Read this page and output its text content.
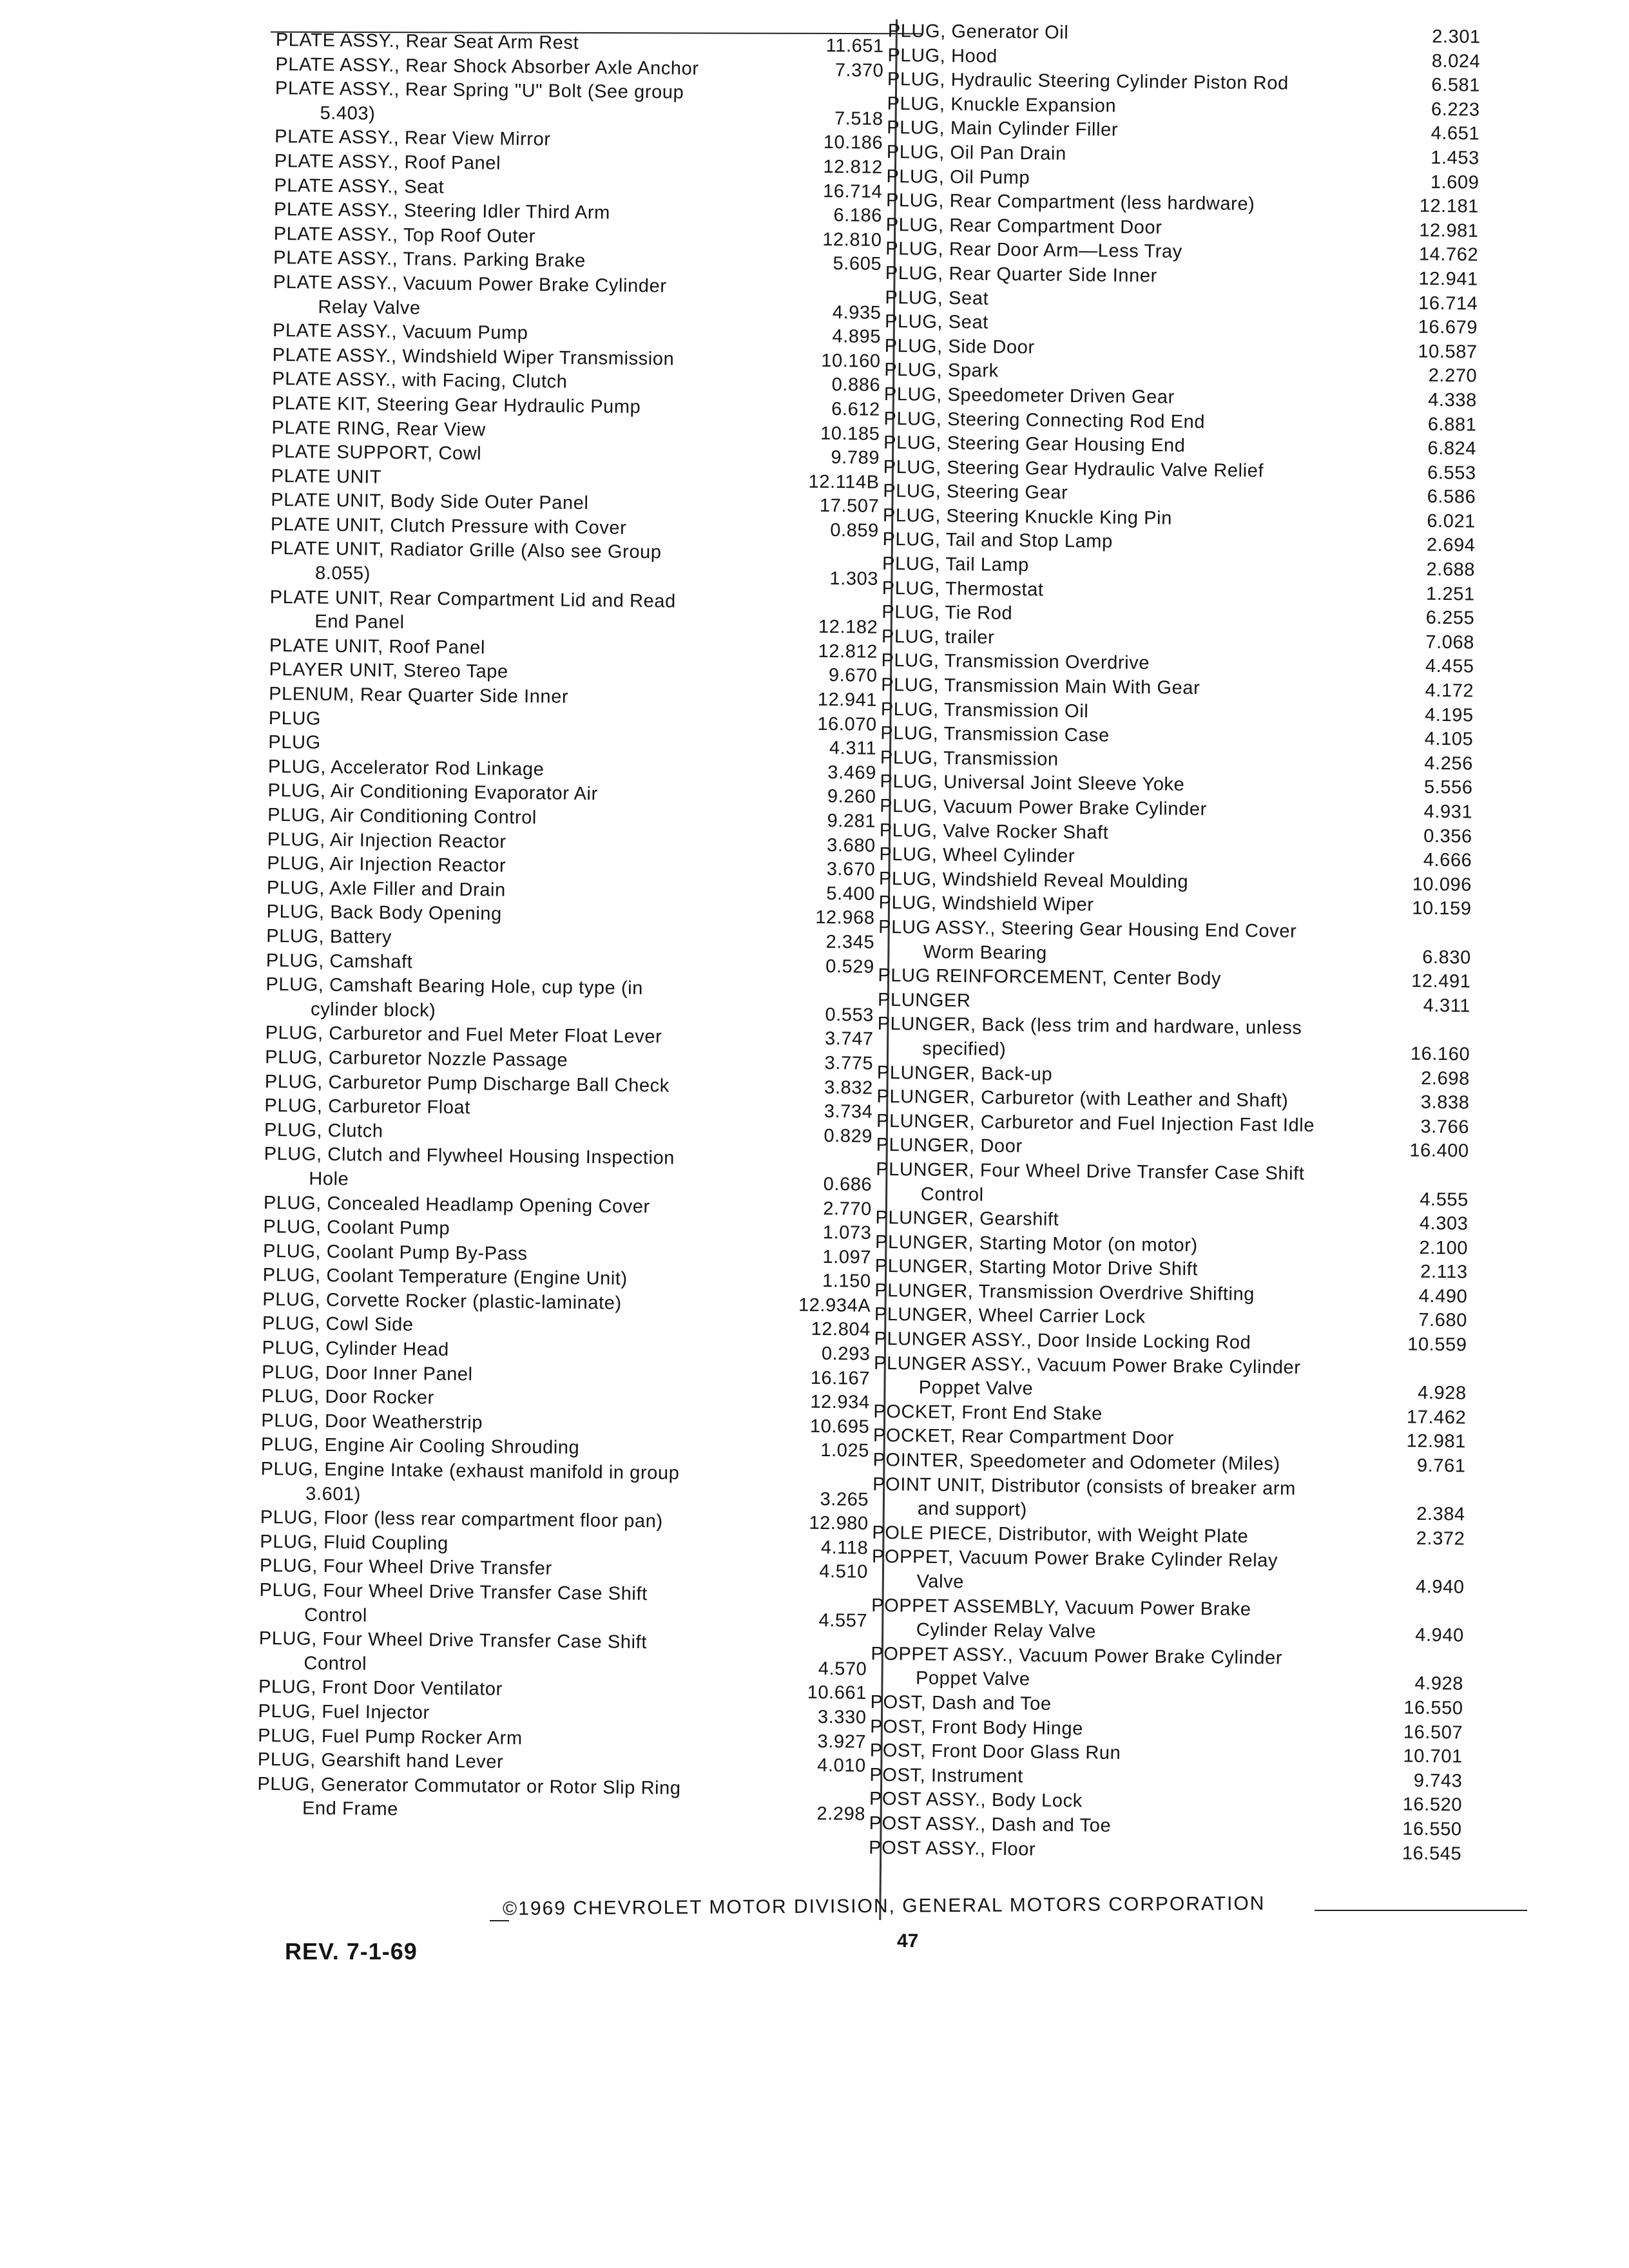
PLATE ASSY., Rear Seat Arm Rest	11.651
PLATE ASSY., Rear Shock Absorber Axle Anchor	7.370
PLATE ASSY., Rear Spring "U" Bolt (See group
5.403)	7.518
PLATE ASSY., Rear View Mirror	10.186
PLATE ASSY., Roof Panel	12.812
PLATE ASSY., Seat	16.714
PLATE ASSY., Steering Idler Third Arm	6.186
PLATE ASSY., Top Roof Outer	12.810
PLATE ASSY., Trans. Parking Brake	5.605
PLATE ASSY., Vacuum Power Brake Cylinder
Relay Valve	4.935
PLATE ASSY., Vacuum Pump	4.895
PLATE ASSY., Windshield Wiper Transmission	10.160
PLATE ASSY., with Facing, Clutch	0.886
PLATE KIT, Steering Gear Hydraulic Pump	6.612
PLATE RING, Rear View	10.185
PLATE SUPPORT, Cowl	9.789
PLATE UNIT	12.114B
PLATE UNIT, Body Side Outer Panel	17.507
PLATE UNIT, Clutch Pressure with Cover	0.859
PLATE UNIT, Radiator Grille (Also see Group
8.055)	1.303
PLATE UNIT, Rear Compartment Lid and Read
End Panel	12.182
PLATE UNIT, Roof Panel	12.812
PLAYER UNIT, Stereo Tape	9.670
PLENUM, Rear Quarter Side Inner	12.941
PLUG	16.070
PLUG	4.311
PLUG, Accelerator Rod Linkage	3.469
PLUG, Air Conditioning Evaporator Air	9.260
PLUG, Air Conditioning Control	9.281
PLUG, Air Injection Reactor	3.680
PLUG, Air Injection Reactor	3.670
PLUG, Axle Filler and Drain	5.400
PLUG, Back Body Opening	12.968
PLUG, Battery	2.345
PLUG, Camshaft	0.529
PLUG, Camshaft Bearing Hole, cup type (in
cylinder block)	0.553
PLUG, Carburetor and Fuel Meter Float Lever	3.747
PLUG, Carburetor Nozzle Passage	3.775
PLUG, Carburetor Pump Discharge Ball Check	3.832
PLUG, Carburetor Float	3.734
PLUG, Clutch	0.829
PLUG, Clutch and Flywheel Housing Inspection
Hole	0.686
PLUG, Concealed Headlamp Opening Cover	2.770
PLUG, Coolant Pump	1.073
PLUG, Coolant Pump By-Pass	1.097
PLUG, Coolant Temperature (Engine Unit)	1.150
PLUG, Corvette Rocker (plastic-laminate)	12.934A
PLUG, Cowl Side	12.804
PLUG, Cylinder Head	0.293
PLUG, Door Inner Panel	16.167
PLUG, Door Rocker	12.934
PLUG, Door Weatherstrip	10.695
PLUG, Engine Air Cooling Shrouding	1.025
PLUG, Engine Intake (exhaust manifold in group
3.601)	3.265
PLUG, Floor (less rear compartment floor pan)	12.980
PLUG, Fluid Coupling	4.118
PLUG, Four Wheel Drive Transfer	4.510
PLUG, Four Wheel Drive Transfer Case Shift
Control	4.557
PLUG, Four Wheel Drive Transfer Case Shift
Control	4.570
PLUG, Front Door Ventilator	10.661
PLUG, Fuel Injector	3.330
PLUG, Fuel Pump Rocker Arm	3.927
PLUG, Gearshift hand Lever	4.010
PLUG, Generator Commutator or Rotor Slip Ring
End Frame	2.298
PLUG, Generator Oil	2.301
PLUG, Hood	8.024
PLUG, Hydraulic Steering Cylinder Piston Rod	6.581
PLUG, Knuckle Expansion	6.223
PLUG, Main Cylinder Filler	4.651
PLUG, Oil Pan Drain	1.453
PLUG, Oil Pump	1.609
PLUG, Rear Compartment (less hardware)	12.181
PLUG, Rear Compartment Door	12.981
PLUG, Rear Door Arm—Less Tray	14.762
PLUG, Rear Quarter Side Inner	12.941
PLUG, Seat	16.714
PLUG, Seat	16.679
PLUG, Side Door	10.587
PLUG, Spark	2.270
PLUG, Speedometer Driven Gear	4.338
PLUG, Steering Connecting Rod End	6.881
PLUG, Steering Gear Housing End	6.824
PLUG, Steering Gear Hydraulic Valve Relief	6.553
PLUG, Steering Gear	6.586
PLUG, Steering Knuckle King Pin	6.021
PLUG, Tail and Stop Lamp	2.694
PLUG, Tail Lamp	2.688
PLUG, Thermostat	1.251
PLUG, Tie Rod	6.255
PLUG, trailer	7.068
PLUG, Transmission Overdrive	4.455
PLUG, Transmission Main With Gear	4.172
PLUG, Transmission Oil	4.195
PLUG, Transmission Case	4.105
PLUG, Transmission	4.256
PLUG, Universal Joint Sleeve Yoke	5.556
PLUG, Vacuum Power Brake Cylinder	4.931
PLUG, Valve Rocker Shaft	0.356
PLUG, Wheel Cylinder	4.666
PLUG, Windshield Reveal Moulding	10.096
PLUG, Windshield Wiper	10.159
PLUG ASSY., Steering Gear Housing End Cover
Worm Bearing	6.830
PLUG REINFORCEMENT, Center Body	12.491
PLUNGER	4.311
PLUNGER, Back (less trim and hardware, unless
specified)	16.160
PLUNGER, Back-up	2.698
PLUNGER, Carburetor (with Leather and Shaft)	3.838
PLUNGER, Carburetor and Fuel Injection Fast Idle	3.766
PLUNGER, Door	16.400
PLUNGER, Four Wheel Drive Transfer Case Shift
Control	4.555
PLUNGER, Gearshift	4.303
PLUNGER, Starting Motor (on motor)	2.100
PLUNGER, Starting Motor Drive Shift	2.113
PLUNGER, Transmission Overdrive Shifting	4.490
PLUNGER, Wheel Carrier Lock	7.680
PLUNGER ASSY., Door Inside Locking Rod	10.559
PLUNGER ASSY., Vacuum Power Brake Cylinder
Poppet Valve	4.928
POCKET, Front End Stake	17.462
POCKET, Rear Compartment Door	12.981
POINTER, Speedometer and Odometer (Miles)	9.761
POINT UNIT, Distributor (consists of breaker arm
and support)	2.384
POLE PIECE, Distributor, with Weight Plate	2.372
POPPET, Vacuum Power Brake Cylinder Relay
Valve	4.940
POPPET ASSEMBLY, Vacuum Power Brake
Cylinder Relay Valve	4.940
POPPET ASSY., Vacuum Power Brake Cylinder
Poppet Valve	4.928
POST, Dash and Toe	16.550
POST, Front Body Hinge	16.507
POST, Front Door Glass Run	10.701
POST, Instrument	9.743
POST ASSY., Body Lock	16.520
POST ASSY., Dash and Toe	16.550
POST ASSY., Floor	16.545
©1969 CHEVROLET MOTOR DIVISION, GENERAL MOTORS CORPORATION
REV. 7-1-69	47
